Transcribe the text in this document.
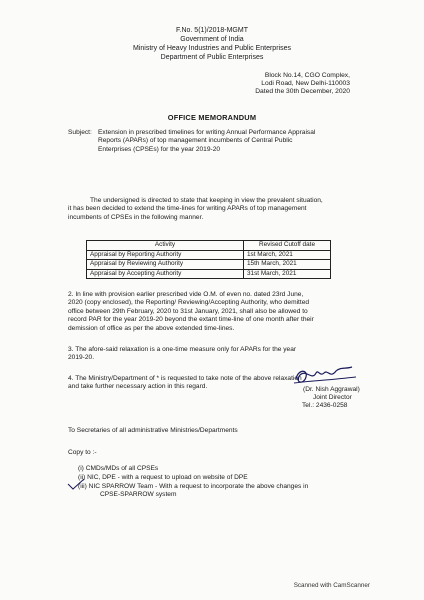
F.No. 5(1)/2018-MGMT
Government of India
Ministry of Heavy Industries and Public Enterprises
Department of Public Enterprises
Block No.14, CGO Complex,
Lodi Road, New Delhi-110003
Dated the 30th December, 2020
OFFICE MEMORANDUM
Subject: Extension in prescribed timelines for writing Annual Performance Appraisal

Reports (APARs) of top management incumbents of Central Public

Enterprises (CPSEs) for the year 2019-20

The undersigned is directed to state that keeping in view the prevalent situation,

it has been decided to extend the time-lines for writing APARs of top management

incumbents of CPSEs in the following manner.

Activity	Revised Cutoff date
Appraisal by Reporting Authority	1st March, 2021
Appraisal by Reviewing Authority	15th March, 2021
Appraisal by Accepting Authority	31st March, 2021

2. In line with provision earlier prescribed vide O.M. of even no. dated 23rd June,

2020 (copy enclosed), the Reporting/ Reviewing/Accepting Authority, who demitted

office between 29th February, 2020 to 31st January, 2021, shall also be allowed to

record PAR for the year 2019-20 beyond the extant time-line of one month after their

demission of office as per the above extended time-lines.

3. The afore-said relaxation is a one-time measure only for APARs for the year

2019-20.

4. The Ministry/Department of * is requested to take note of the above relaxation

and take further necessary action in this regard.	(Dr. Nish Aggrawal)
Joint Director
Tel.: 2436-0258
To Secretaries of all administrative Ministries/Departments
Copy to :-
(i) CMDs/MDs of all CPSEs
(ii) NIC, DPE - with a request to upload on website of DPE
(iii) NIC SPARROW Team - With a request to incorporate the above changes in
CPSE-SPARROW system
Scanned with CamScanner
